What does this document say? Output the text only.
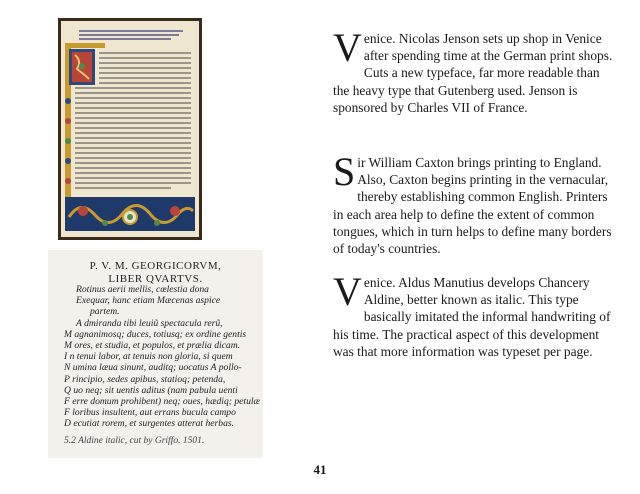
P. V. M. GEORGICORVM,
LIBER QVARTVS.
Rotinus aerii mellis, cœlestia dona
Exequar, hanc etiam Mæcenas aspice
partem.
A dmiranda tibi leuiũ spectacula rerũ,
M agnanimosq; duces, totiusq; ex ordine gentis
M ores, et studia, et populos, et prælia dicam.
I n tenui labor, at tenuis non gloria, si quem
N umina læua sinunt, auditq; uocatus A pollo-
P rincipio, sedes apibus, statioq; petenda,
Q uo neq; sit uentis aditus (nam pabula uenti
F erre domum prohibent) neq; oues, hædiq; petulæ
F loribus insultent, aut errans bucula campo
D ecutiat rorem, et surgentes atterat herbas.
5.2 Aldine italic, cut by Griffo. 1501.
Venice. Nicolas Jenson sets up shop in Venice after spending time at the German print shops. Cuts a new typeface, far more readable than the heavy type that Gutenberg used. Jenson is sponsored by Charles VII of France.
Sir William Caxton brings printing to England. Also, Caxton begins printing in the vernacular, thereby establishing common English. Printers in each area help to define the extent of common tongues, which in turn helps to define many borders of today's countries.
Venice. Aldus Manutius develops Chancery Aldine, better known as italic. This type basically imitated the informal handwriting of his time. The practical aspect of this development was that more information was typeset per page.
41
